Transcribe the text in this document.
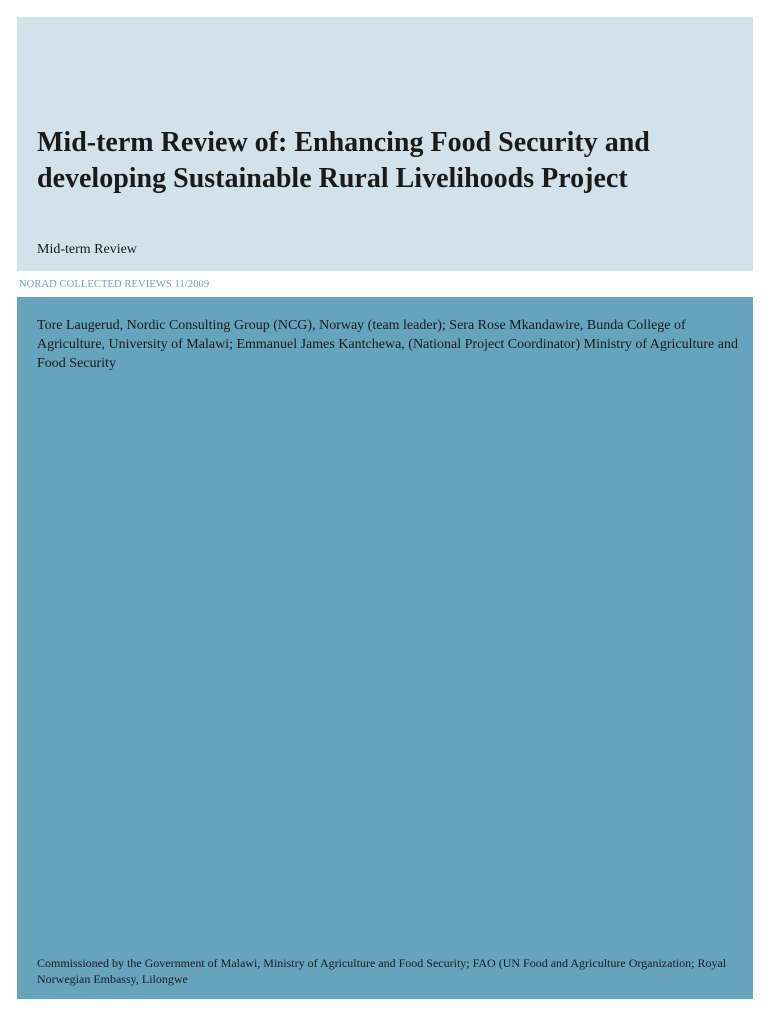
Mid-term Review of: Enhancing Food Security and developing Sustainable Rural Livelihoods Project

Mid-term Review

NORAD COLLECTED REVIEWS 11/2009

Tore Laugerud, Nordic Consulting Group (NCG), Norway (team leader); Sera Rose Mkandawire, Bunda College of Agriculture, University of Malawi; Emmanuel James Kantchewa, (National Project Coordinator) Ministry of Agriculture and Food Security

Commissioned by the Government of Malawi, Ministry of Agriculture and Food Security; FAO (UN Food and Agriculture Organization; Royal Norwegian Embassy, Lilongwe
